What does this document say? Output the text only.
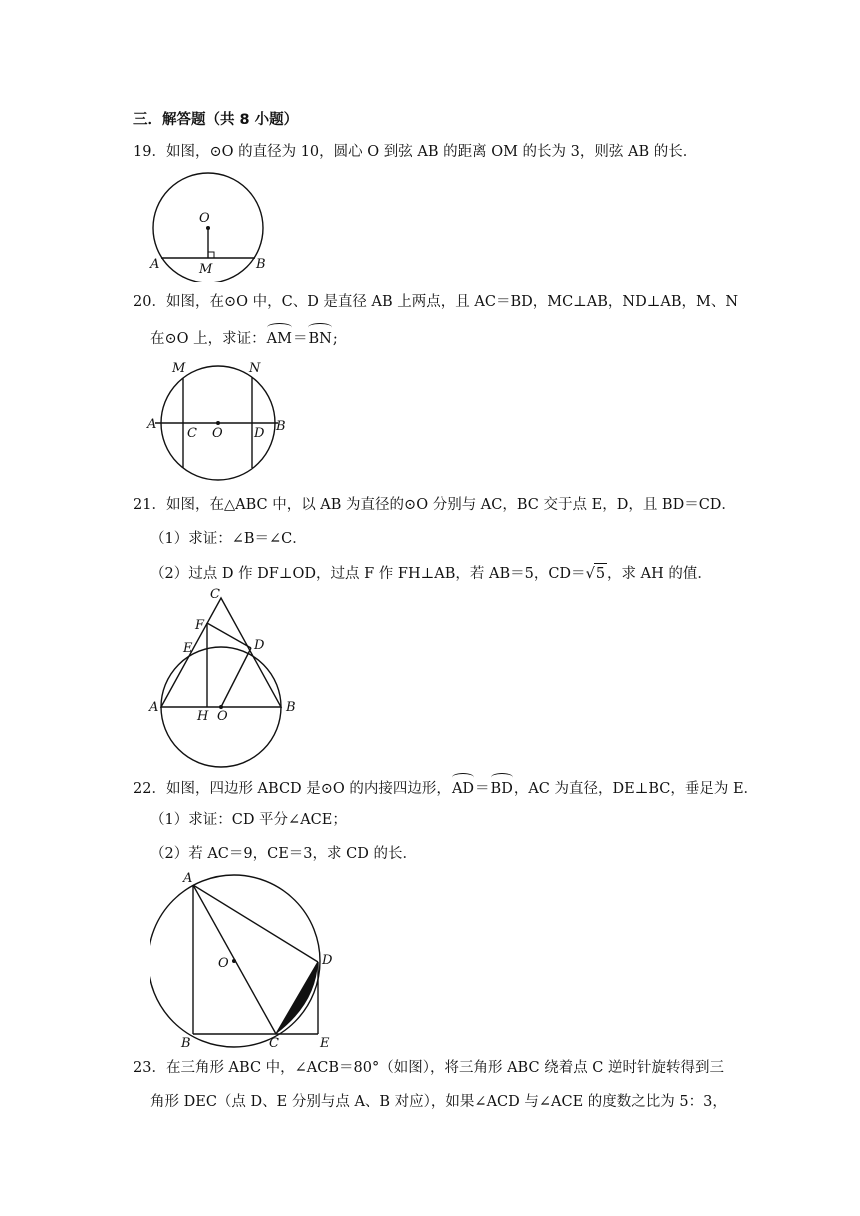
三．解答题（共 8 小题）
19．如图，⊙O 的直径为 10，圆心 O 到弦 AB 的距离 OM 的长为 3，则弦 AB 的长．
O
A	M	B
20．如图，在⊙O 中，C、D 是直径 AB 上两点，且 AC＝BD，MC⊥AB，ND⊥AB，M、N
在⊙O 上，求证：AM＝BN;
M	N
A
C O D B
21．如图，在△ABC 中，以 AB 为直径的⊙O 分别与 AC，BC 交于点 E，D，且 BD＝CD．
（1）求证：∠B＝∠C．
（2）过点 D 作 DF⊥OD，过点 F 作 FH⊥AB，若 AB＝5，CD＝√5 ，求 AH 的值．
C
F
E	D
A
H O
B
22．如图，四边形 ABCD 是⊙O 的内接四边形，AD＝BD，AC 为直径，DE⊥BC，垂足为 E．
（1）求证：CD 平分∠ACE；
（2）若 AC＝9，CE＝3，求 CD 的长．
A
O	D
B	C	E
23．在三角形 ABC 中，∠ACB＝80°（如图），将三角形 ABC 绕着点 C 逆时针旋转得到三
角形 DEC（点 D、E 分别与点 A、B 对应），如果∠ACD 与∠ACE 的度数之比为 5：3，
